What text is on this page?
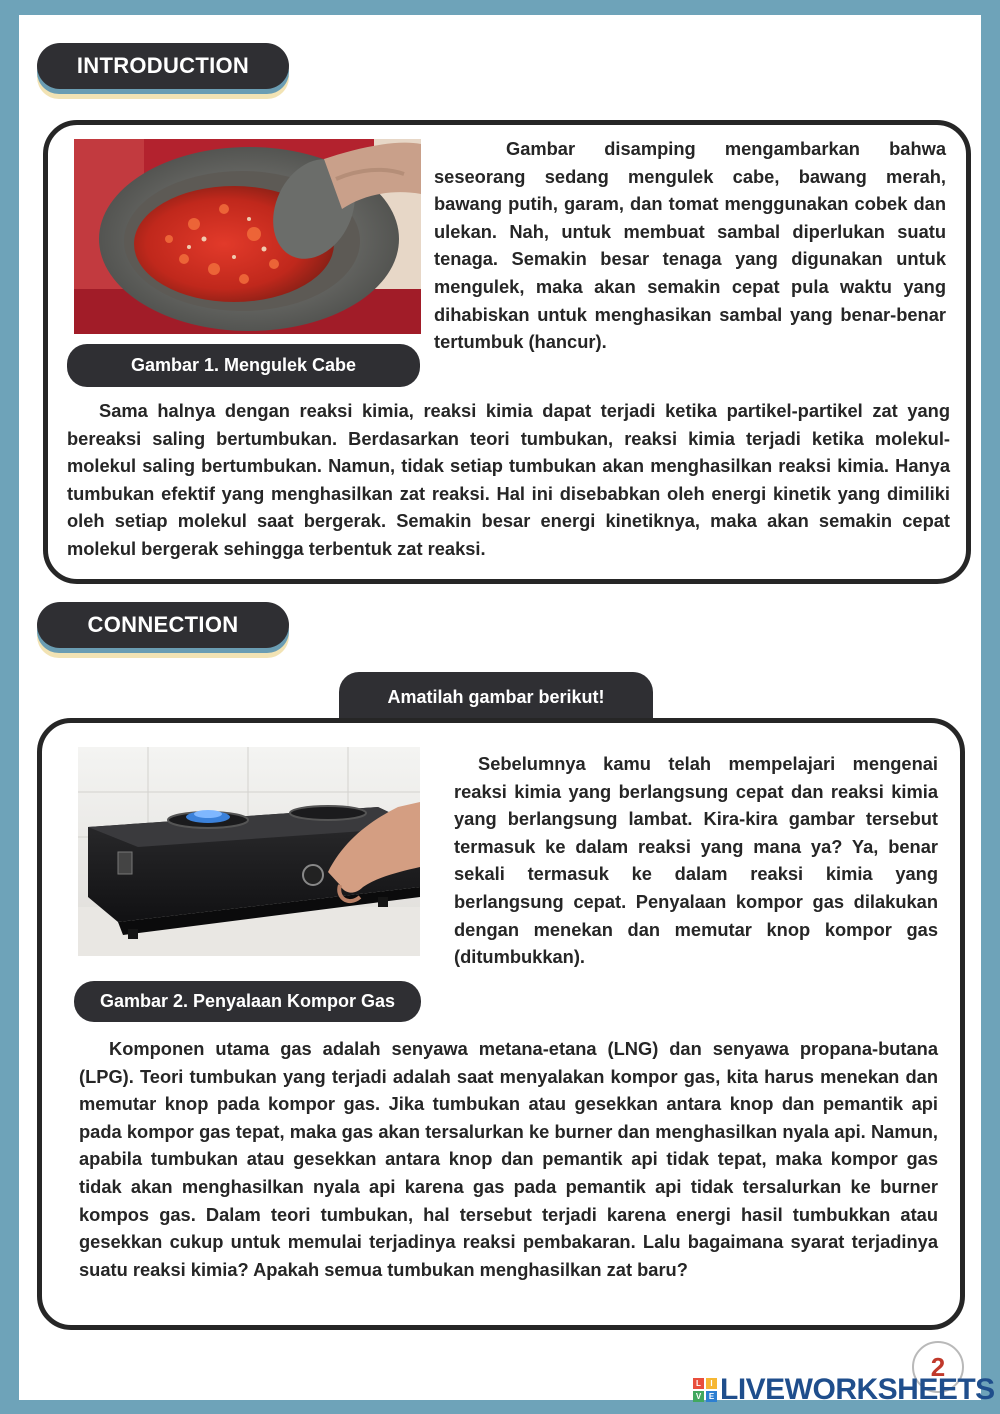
INTRODUCTION
Gambar 1. Mengulek Cabe
Gambar disamping mengambarkan bahwa seseorang sedang mengulek cabe, bawang merah, bawang putih, garam, dan tomat menggunakan cobek dan ulekan. Nah, untuk membuat sambal diperlukan suatu tenaga. Semakin besar tenaga yang digunakan untuk mengulek, maka akan semakin cepat pula waktu yang dihabiskan untuk menghasikan sambal yang benar-benar tertumbuk (hancur).
Sama halnya dengan reaksi kimia, reaksi kimia dapat terjadi ketika partikel-partikel zat yang bereaksi saling bertumbukan. Berdasarkan teori tumbukan, reaksi kimia terjadi ketika molekul-molekul saling bertumbukan. Namun, tidak setiap tumbukan akan menghasilkan reaksi kimia. Hanya tumbukan efektif yang menghasilkan zat reaksi. Hal ini disebabkan oleh energi kinetik yang dimiliki oleh setiap molekul saat bergerak. Semakin besar energi kinetiknya, maka akan semakin cepat molekul bergerak sehingga terbentuk zat reaksi.
CONNECTION
Amatilah gambar berikut!
Gambar 2. Penyalaan Kompor Gas
Sebelumnya kamu telah mempelajari mengenai reaksi kimia yang berlangsung cepat dan reaksi kimia yang berlangsung lambat. Kira-kira gambar tersebut termasuk ke dalam reaksi yang mana ya? Ya, benar sekali termasuk ke dalam reaksi kimia yang berlangsung cepat. Penyalaan kompor gas dilakukan dengan menekan dan memutar knop kompor gas (ditumbukkan).
Komponen utama gas adalah senyawa metana-etana (LNG) dan senyawa propana-butana (LPG). Teori tumbukan yang terjadi adalah saat menyalakan kompor gas, kita harus menekan dan memutar knop pada kompor gas. Jika tumbukan atau gesekkan antara knop dan pemantik api pada kompor gas tepat, maka gas akan tersalurkan ke burner dan menghasilkan nyala api. Namun, apabila tumbukan atau gesekkan antara knop dan pemantik api tidak tepat, maka kompor gas tidak akan menghasilkan nyala api karena gas pada pemantik api tidak tersalurkan ke burner kompos gas. Dalam teori tumbukan, hal tersebut terjadi karena energi hasil tumbukkan atau gesekkan cukup untuk memulai terjadinya reaksi pembakaran. Lalu bagaimana syarat terjadinya suatu reaksi kimia? Apakah semua tumbukan menghasilkan zat baru?
2
L	I
V E LIVEWORKSHEETS
